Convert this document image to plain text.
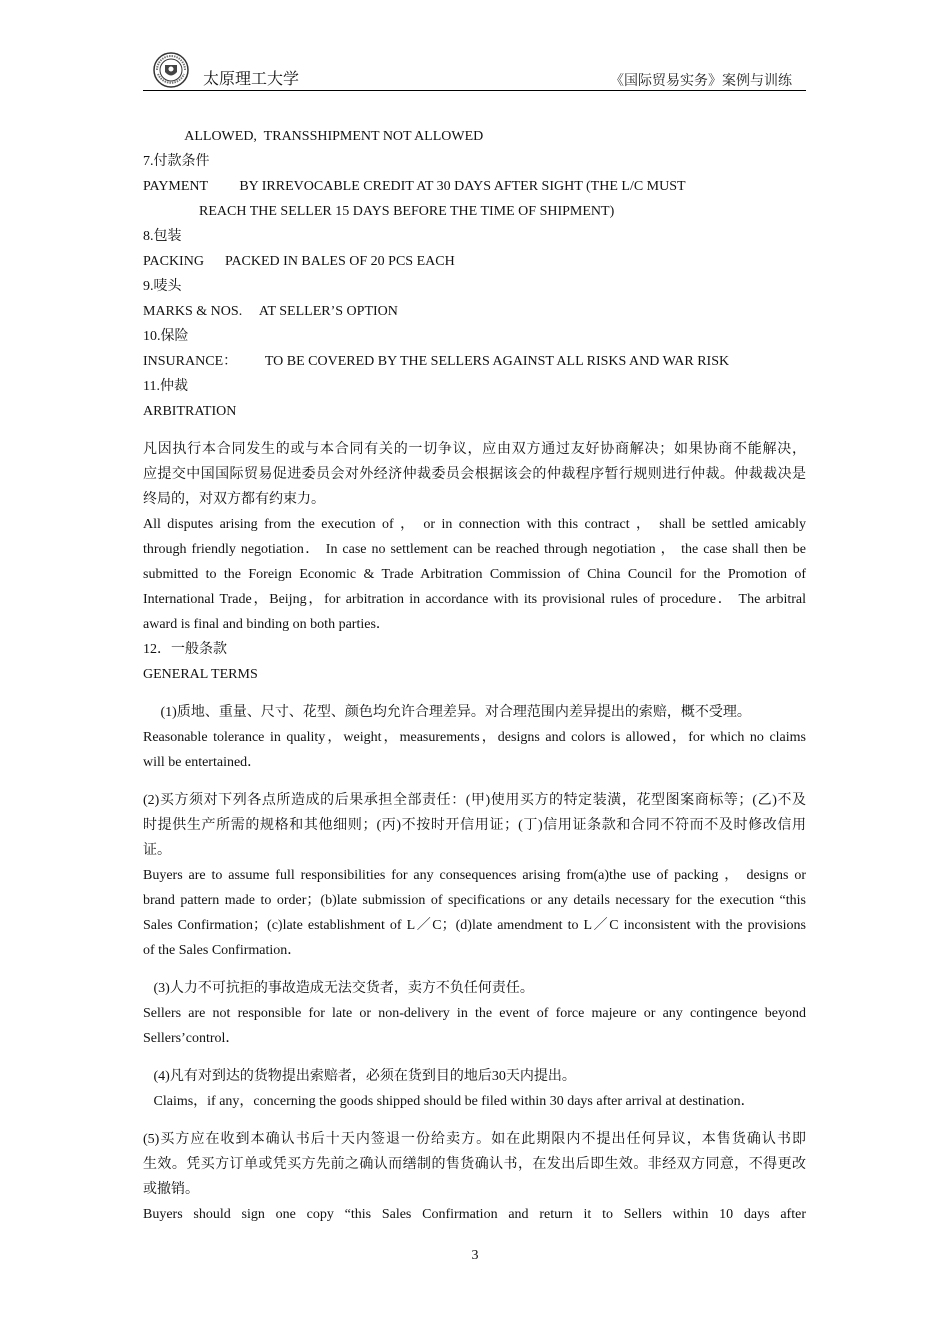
太原理工大学	《国际贸易实务》案例与训练
ALLOWED,  TRANSSHIPMENT NOT ALLOWED
7.付款条件
PAYMENT         BY IRREVOCABLE CREDIT AT 30 DAYS AFTER SIGHT (THE L/C MUST
REACH THE SELLER 15 DAYS BEFORE THE TIME OF SHIPMENT)
8.包装
PACKING      PACKED IN BALES OF 20 PCS EACH
9.唛头
MARKS & NOS.     AT SELLER’S OPTION
10.保险
INSURANCE：        TO BE COVERED BY THE SELLERS AGAINST ALL RISKS AND WAR RISK
11.仲裁
ARBITRATION
凡因执行本合同发生的或与本合同有关的一切争议，应由双方通过友好协商解决；如果协商不能解决，
应提交中国国际贸易促进委员会对外经济仲裁委员会根据该会的仲裁程序暂行规则进行仲裁。仲裁裁决是
终局的，对双方都有约束力。
All disputes arising from the execution of ， or in connection with this contract ， shall be settled amicably
through friendly negotiation． In case no settlement can be reached through negotiation ， the case shall then be
submitted to the Foreign Economic & Trade Arbitration Commission of China Council for the Promotion of
International Trade，Beijng，for arbitration in accordance with its provisional rules of procedure． The arbitral
award is final and binding on both parties．
12．一般条款
GENERAL TERMS
(1)质地、重量、尺寸、花型、颜色均允许合理差异。对合理范围内差异提出的索赔，概不受理。
Reasonable tolerance in quality，weight，measurements，designs and colors is allowed，for which no claims
will be entertained．
(2)买方须对下列各点所造成的后果承担全部责任：(甲)使用买方的特定装潢，花型图案商标等；(乙)不及
时提供生产所需的规格和其他细则；(丙)不按时开信用证；(丁)信用证条款和合同不符而不及时修改信用
证。
Buyers are to assume full responsibilities for any consequences arising from(a)the use of packing ， designs or
brand pattern made to order；(b)late submission of specifications or any details necessary for the execution “this
Sales Confirmation；(c)late establishment of L／C；(d)late amendment to L／C inconsistent with the provisions
of the Sales Confirmation．
(3)人力不可抗拒的事故造成无法交货者，卖方不负任何责任。
Sellers are not responsible for late or non-delivery in the event of force majeure or any contingence beyond
Sellers’control．
(4)凡有对到达的货物提出索赔者，必须在货到目的地后30天内提出。
Claims，if any，concerning the goods shipped should be filed within 30 days after arrival at destination．
(5)买方应在收到本确认书后十天内签退一份给卖方。如在此期限内不提出任何异议，本售货确认书即
生效。凭买方订单或凭买方先前之确认而缮制的售货确认书，在发出后即生效。非经双方同意，不得更改
或撤销。
Buyers should sign one copy “this Sales Confirmation and return it to Sellers within 10 days after
3
